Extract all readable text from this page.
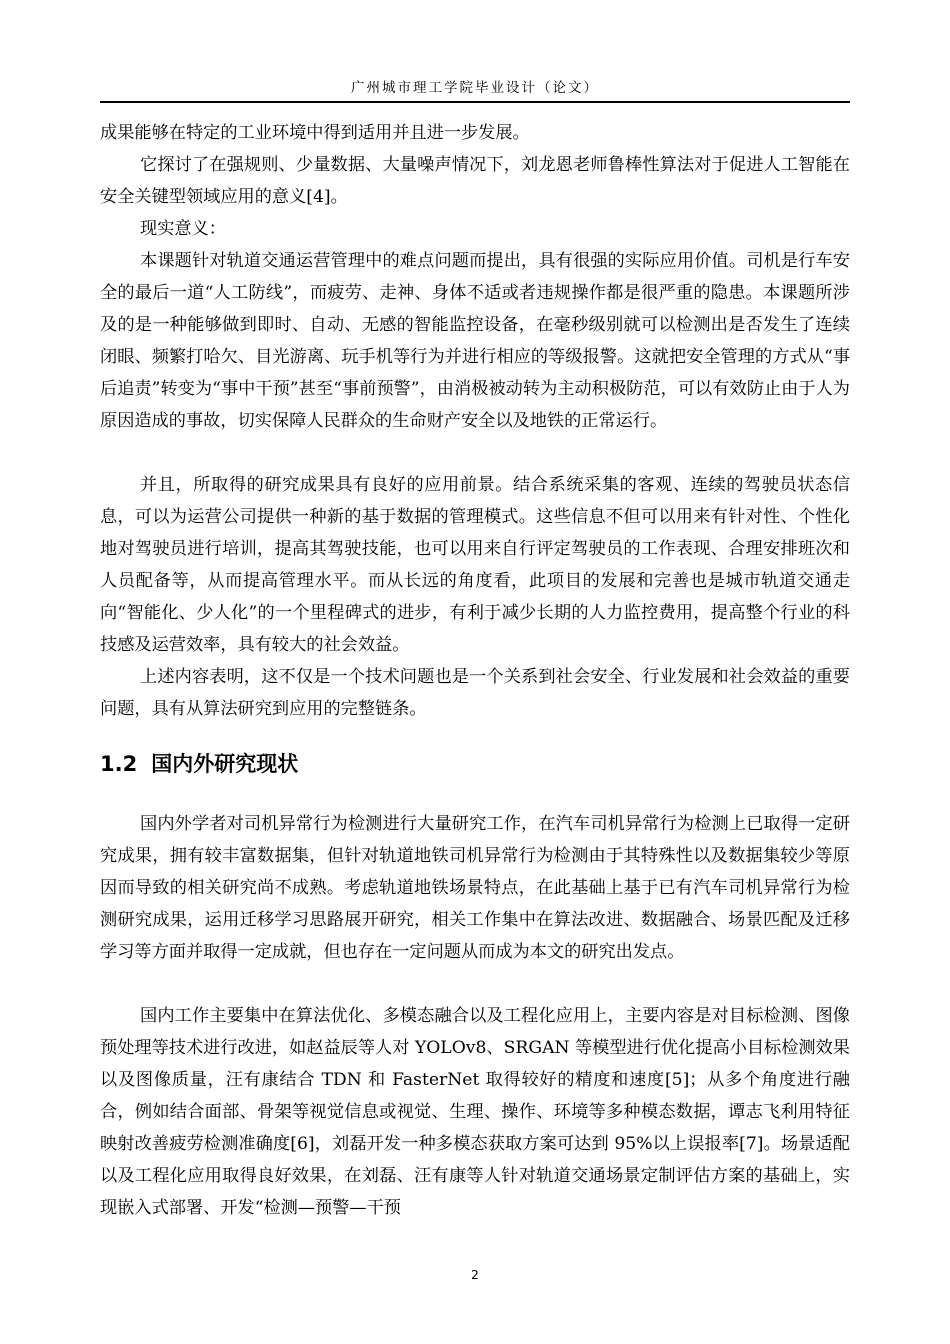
广州城市理工学院毕业设计（论文）

成果能够在特定的工业环境中得到适用并且进一步发展。

它探讨了在强规则、少量数据、大量噪声情况下，刘龙恩老师鲁棒性算法对于促进人工智能在安全关键型领域应用的意义[4]。

现实意义：

本课题针对轨道交通运营管理中的难点问题而提出，具有很强的实际应用价值。司机是行车安全的最后一道“人工防线”，而疲劳、走神、身体不适或者违规操作都是很严重的隐患。本课题所涉及的是一种能够做到即时、自动、无感的智能监控设备，在毫秒级别就可以检测出是否发生了连续闭眼、频繁打哈欠、目光游离、玩手机等行为并进行相应的等级报警。这就把安全管理的方式从“事后追责”转变为“事中干预”甚至“事前预警”，由消极被动转为主动积极防范，可以有效防止由于人为原因造成的事故，切实保障人民群众的生命财产安全以及地铁的正常运行。

并且，所取得的研究成果具有良好的应用前景。结合系统采集的客观、连续的驾驶员状态信息，可以为运营公司提供一种新的基于数据的管理模式。这些信息不但可以用来有针对性、个性化地对驾驶员进行培训，提高其驾驶技能，也可以用来自行评定驾驶员的工作表现、合理安排班次和人员配备等，从而提高管理水平。而从长远的角度看，此项目的发展和完善也是城市轨道交通走向“智能化、少人化”的一个里程碑式的进步，有利于减少长期的人力监控费用，提高整个行业的科技感及运营效率，具有较大的社会效益。

上述内容表明，这不仅是一个技术问题也是一个关系到社会安全、行业发展和社会效益的重要问题，具有从算法研究到应用的完整链条。

1.2 国内外研究现状

国内外学者对司机异常行为检测进行大量研究工作，在汽车司机异常行为检测上已取得一定研究成果，拥有较丰富数据集，但针对轨道地铁司机异常行为检测由于其特殊性以及数据集较少等原因而导致的相关研究尚不成熟。考虑轨道地铁场景特点，在此基础上基于已有汽车司机异常行为检测研究成果，运用迁移学习思路展开研究，相关工作集中在算法改进、数据融合、场景匹配及迁移学习等方面并取得一定成就，但也存在一定问题从而成为本文的研究出发点。

国内工作主要集中在算法优化、多模态融合以及工程化应用上，主要内容是对目标检测、图像预处理等技术进行改进，如赵益辰等人对 YOLOv8、SRGAN 等模型进行优化提高小目标检测效果以及图像质量，汪有康结合 TDN 和 FasterNet 取得较好的精度和速度[5]；从多个角度进行融合，例如结合面部、骨架等视觉信息或视觉、生理、操作、环境等多种模态数据，谭志飞利用特征映射改善疲劳检测准确度[6]，刘磊开发一种多模态获取方案可达到 95%以上误报率[7]。场景适配以及工程化应用取得良好效果，在刘磊、汪有康等人针对轨道交通场景定制评估方案的基础上，实现嵌入式部署、开发“检测—预警—干预

2
